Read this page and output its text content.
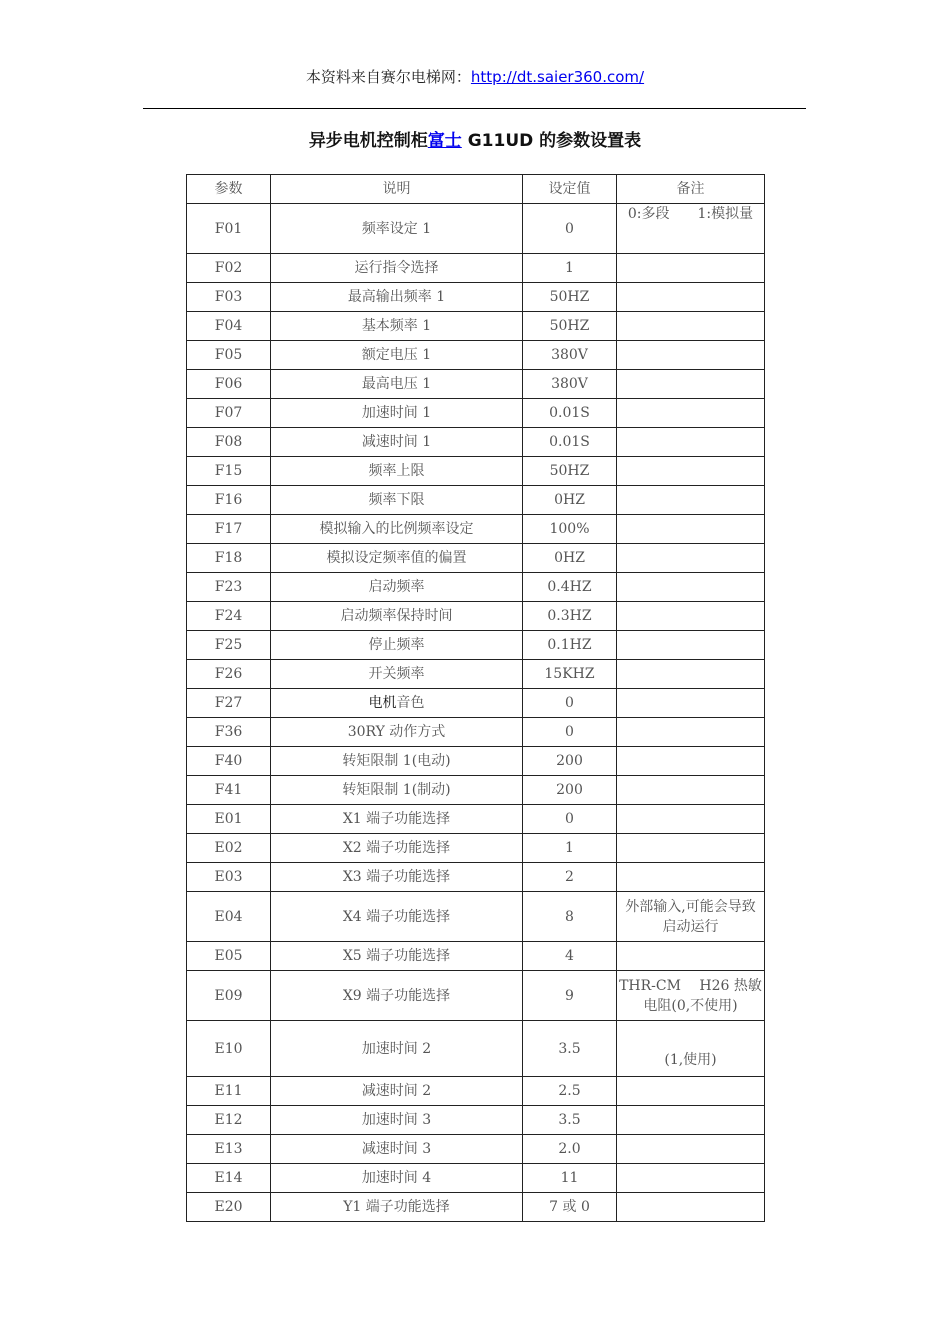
本资料来自赛尔电梯网：http://dt.saier360.com/
异步电机控制柜富士 G11UD 的参数设置表
参数	说明	设定值	备注
F01	频率设定 1	0	0:多段　　1:模拟量
F02	运行指令选择	1	
F03	最高输出频率 1	50HZ	
F04	基本频率 1	50HZ	
F05	额定电压 1	380V	
F06	最高电压 1	380V	
F07	加速时间 1	0.01S	
F08	减速时间 1	0.01S	
F15	频率上限	50HZ	
F16	频率下限	0HZ	
F17	模拟输入的比例频率设定	100%	
F18	模拟设定频率值的偏置	0HZ	
F23	启动频率	0.4HZ	
F24	启动频率保持时间	0.3HZ	
F25	停止频率	0.1HZ	
F26	开关频率	15KHZ	
F27	电机音色	0	
F36	30RY 动作方式	0	
F40	转矩限制 1(电动)	200	
F41	转矩限制 1(制动)	200	
E01	X1 端子功能选择	0	
E02	X2 端子功能选择	1	
E03	X3 端子功能选择	2	
E04	X4 端子功能选择	8	外部输入,可能会导致启动运行
E05	X5 端子功能选择	4	
E09	X9 端子功能选择	9	THR-CM　 H26 热敏电阻(0,不使用)
E10	加速时间 2	3.5	(1,使用)
E11	减速时间 2	2.5	
E12	加速时间 3	3.5	
E13	减速时间 3	2.0	
E14	加速时间 4	11	
E20	Y1 端子功能选择	7 或 0	
